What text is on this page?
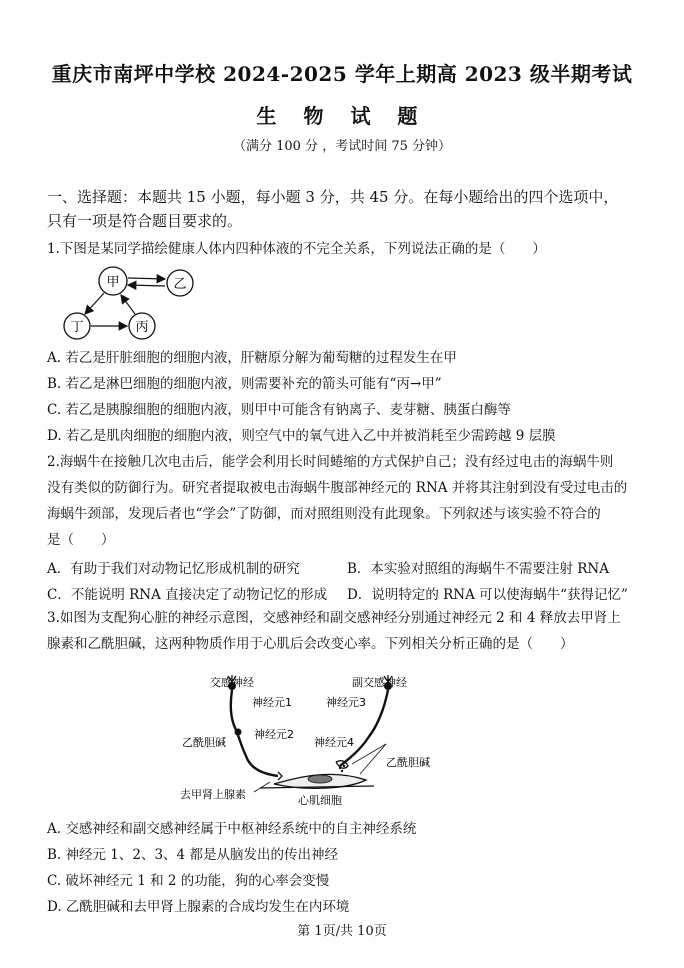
重庆市南坪中学校 2024-2025 学年上期高 2023 级半期考试
生 物 试 题
（满分 100 分 ，考试时间 75 分钟）
一、选择题：本题共 15 小题，每小题 3 分，共 45 分。在每小题给出的四个选项中，
只有一项是符合题目要求的。
1.下图是某同学描绘健康人体内四种体液的不完全关系，下列说法正确的是（　　）
甲	乙
丁	丙
A. 若乙是肝脏细胞的细胞内液，肝糖原分解为葡萄糖的过程发生在甲
B. 若乙是淋巴细胞的细胞内液，则需要补充的箭头可能有“丙→甲”
C. 若乙是胰腺细胞的细胞内液，则甲中可能含有钠离子、麦芽糖、胰蛋白酶等
D. 若乙是肌肉细胞的细胞内液，则空气中的氧气进入乙中并被消耗至少需跨越 9 层膜
2.海蜗牛在接触几次电击后，能学会利用长时间蜷缩的方式保护自己；没有经过电击的海蜗牛则
没有类似的防御行为。研究者提取被电击海蜗牛腹部神经元的 RNA 并将其注射到没有受过电击的
海蜗牛颈部，发现后者也“学会”了防御，而对照组则没有此现象。下列叙述与该实验不符合的
是（　　）
A．有助于我们对动物记忆形成机制的研究	B．本实验对照组的海蜗牛不需要注射 RNA
C．不能说明 RNA 直接决定了动物记忆的形成 D．说明特定的 RNA 可以使海蜗牛“获得记忆”
3.如图为支配狗心脏的神经示意图，交感神经和副交感神经分别通过神经元 2 和 4 释放去甲肾上
腺素和乙酰胆碱，这两种物质作用于心肌后会改变心率。下列相关分析正确的是（　　）
交感神经	副交感神经
神经元1
神经元2
乙酰胆碱
神经元3
神经元4
乙酰胆碱
去甲肾上腺素	心肌细胞
A. 交感神经和副交感神经属于中枢神经系统中的自主神经系统
B. 神经元 1、2、3、4 都是从脑发出的传出神经
C. 破坏神经元 1 和 2 的功能，狗的心率会变慢
D. 乙酰胆碱和去甲肾上腺素的合成均发生在内环境
第 1页/共 10页
